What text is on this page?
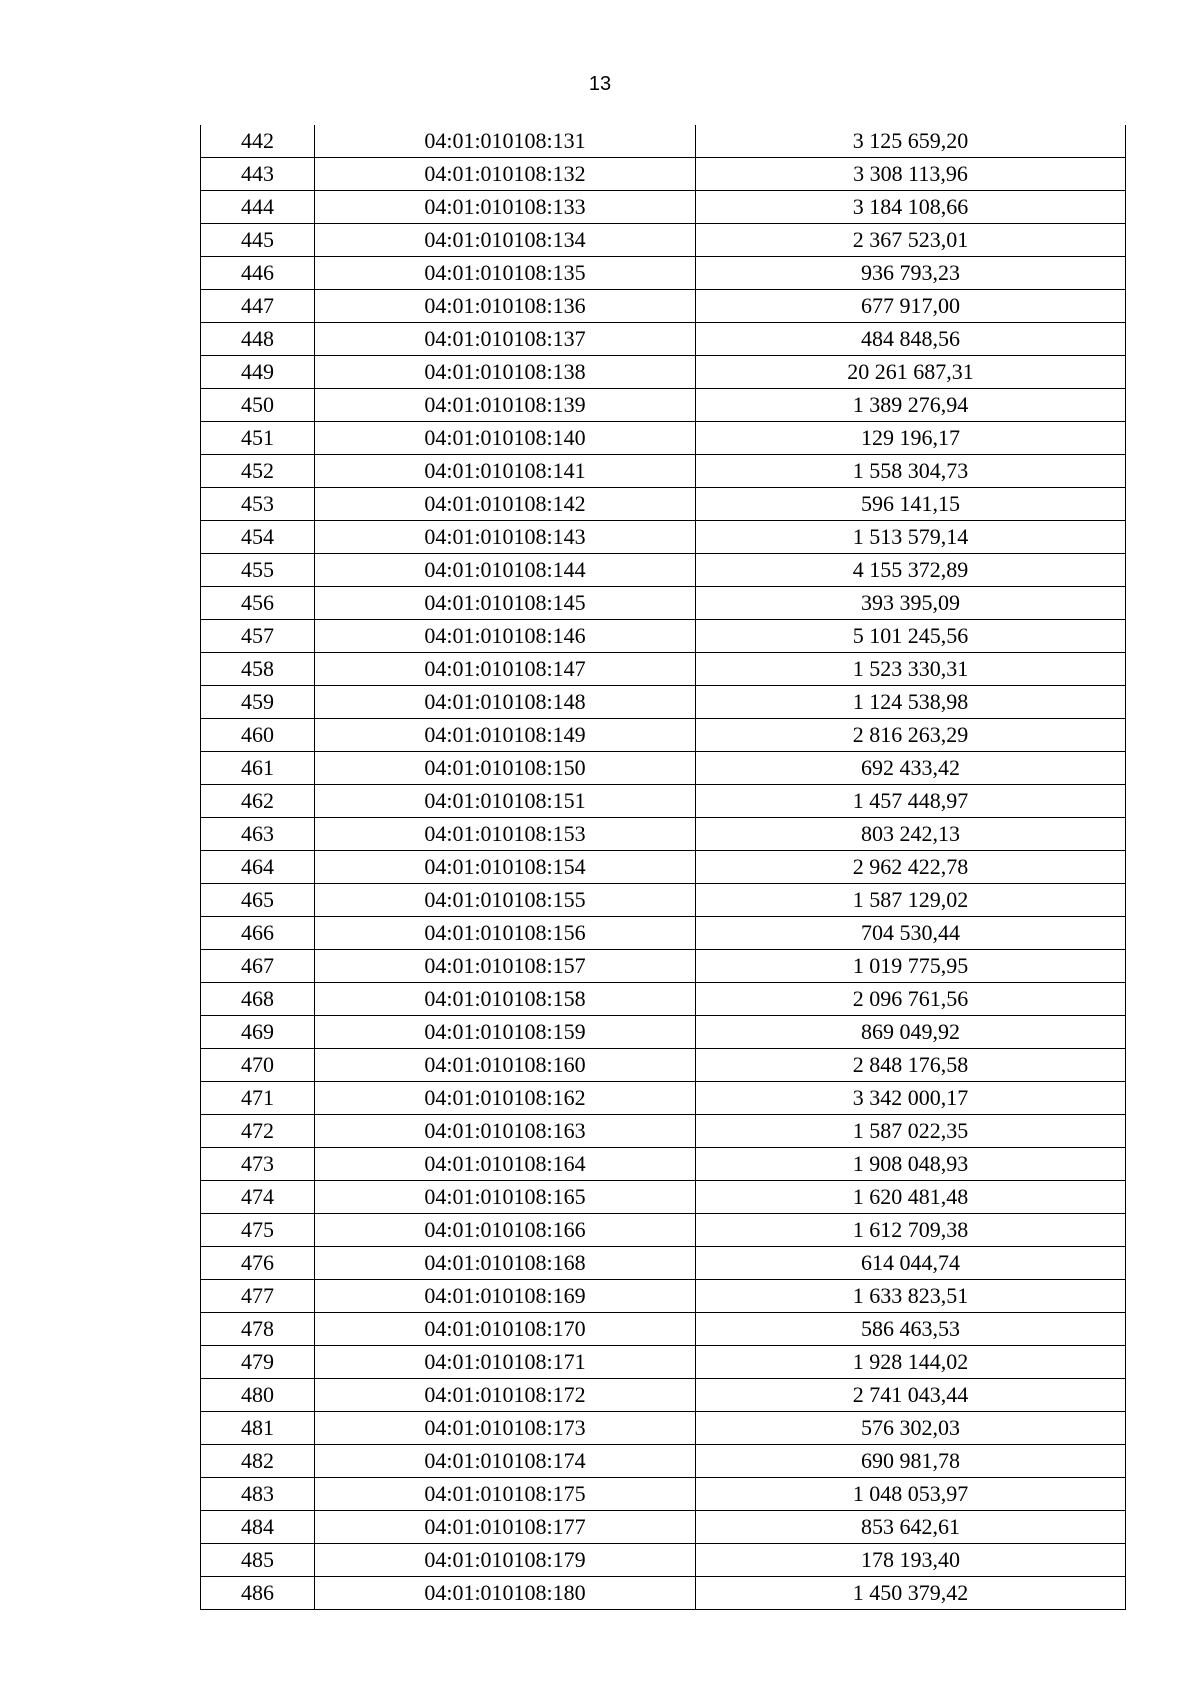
13
442	04:01:010108:131	3 125 659,20
443	04:01:010108:132	3 308 113,96
444	04:01:010108:133	3 184 108,66
445	04:01:010108:134	2 367 523,01
446	04:01:010108:135	936 793,23
447	04:01:010108:136	677 917,00
448	04:01:010108:137	484 848,56
449	04:01:010108:138	20 261 687,31
450	04:01:010108:139	1 389 276,94
451	04:01:010108:140	129 196,17
452	04:01:010108:141	1 558 304,73
453	04:01:010108:142	596 141,15
454	04:01:010108:143	1 513 579,14
455	04:01:010108:144	4 155 372,89
456	04:01:010108:145	393 395,09
457	04:01:010108:146	5 101 245,56
458	04:01:010108:147	1 523 330,31
459	04:01:010108:148	1 124 538,98
460	04:01:010108:149	2 816 263,29
461	04:01:010108:150	692 433,42
462	04:01:010108:151	1 457 448,97
463	04:01:010108:153	803 242,13
464	04:01:010108:154	2 962 422,78
465	04:01:010108:155	1 587 129,02
466	04:01:010108:156	704 530,44
467	04:01:010108:157	1 019 775,95
468	04:01:010108:158	2 096 761,56
469	04:01:010108:159	869 049,92
470	04:01:010108:160	2 848 176,58
471	04:01:010108:162	3 342 000,17
472	04:01:010108:163	1 587 022,35
473	04:01:010108:164	1 908 048,93
474	04:01:010108:165	1 620 481,48
475	04:01:010108:166	1 612 709,38
476	04:01:010108:168	614 044,74
477	04:01:010108:169	1 633 823,51
478	04:01:010108:170	586 463,53
479	04:01:010108:171	1 928 144,02
480	04:01:010108:172	2 741 043,44
481	04:01:010108:173	576 302,03
482	04:01:010108:174	690 981,78
483	04:01:010108:175	1 048 053,97
484	04:01:010108:177	853 642,61
485	04:01:010108:179	178 193,40
486	04:01:010108:180	1 450 379,42
